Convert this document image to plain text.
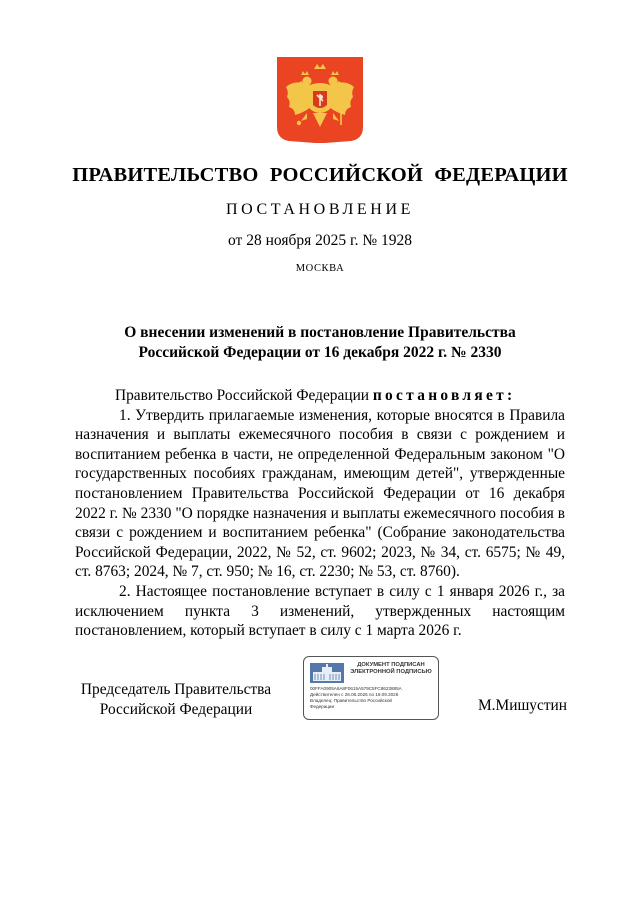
ПРАВИТЕЛЬСТВО РОССИЙСКОЙ ФЕДЕРАЦИИ
ПОСТАНОВЛЕНИЕ
от 28 ноября 2025 г. № 1928
МОСКВА
О внесении изменений в постановление Правительства
Российской Федерации от 16 декабря 2022 г. № 2330

Правительство Российской Федерации постановляет:

1. Утвердить прилагаемые изменения, которые вносятся в Правила назначения и выплаты ежемесячного пособия в связи с рождением и воспитанием ребенка в части, не определенной Федеральным законом "О государственных пособиях гражданам, имеющим детей", утвержденные постановлением Правительства Российской Федерации от 16 декабря 2022 г. № 2330 "О порядке назначения и выплаты ежемесячного пособия в связи с рождением и воспитанием ребенка" (Собрание законодательства Российской Федерации, 2022, № 52, ст. 9602; 2023, № 34, ст. 6575; № 49, ст. 8763; 2024, № 7, ст. 950; № 16, ст. 2230; № 53, ст. 8760).

2. Настоящее постановление вступает в силу с 1 января 2026 г., за исключением пункта 3 изменений, утвержденных настоящим постановлением, который вступает в силу с 1 марта 2026 г.

Председатель Правительства
Российской Федерации
ДОКУМЕНТ ПОДПИСАН
ЭЛЕКТРОННОЙ ПОДПИСЬЮ
00FFA0905A6A8F0615A579C5FC8623885A
Действителен с 26.06.2025 по 19.09.2026
Владелец: Правительство Российской
Федерации	М.Мишустин
